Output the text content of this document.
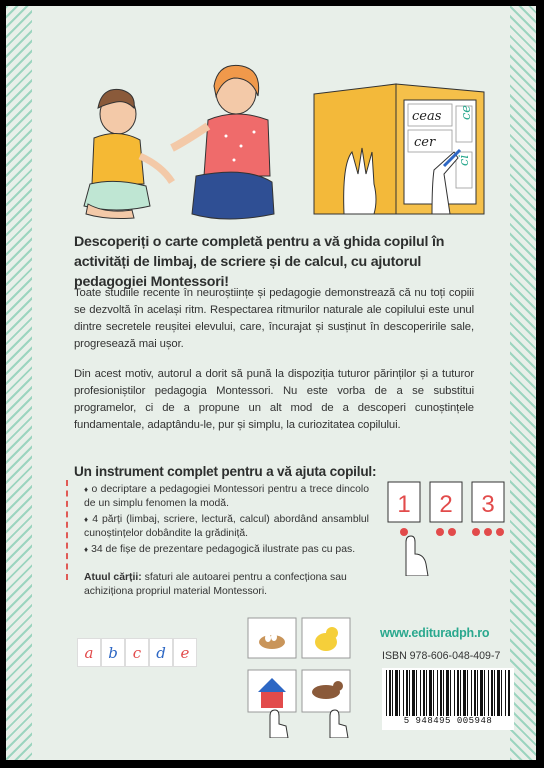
ceas
cer
ce
ci
Descoperiți o carte completă pentru a vă ghida copilul în activități de limbaj, de scriere și de calcul, cu ajutorul pedagogiei Montessori!
Toate studiile recente în neuroștiințe și pedagogie demonstrează că nu toți copiii se dezvoltă în același ritm. Respectarea ritmurilor naturale ale copilului este unul dintre secretele reușitei elevului, care, încurajat și susținut în descoperirile sale, progresează mai ușor.
Din acest motiv, autorul a dorit să pună la dispoziția tuturor părinților și a tuturor profesioniștilor pedagogia Montessori. Nu este vorba de a se substitui programelor, ci de a propune un alt mod de a descoperi cunoștințele fundamentale, adaptându-le, pur și simplu, la curiozitatea copilului.
Un instrument complet pentru a vă ajuta copilul:
♦ o decriptare a pedagogiei Montessori pentru a trece dincolo de un simplu fenomen la modă.
♦ 4 părți (limbaj, scriere, lectură, calcul) abordând ansamblul cunoștințelor dobândite la grădiniță.
♦ 34 de fișe de prezentare pedagogică ilustrate pas cu pas.
Atuul cărții: sfaturi ale autoarei pentru a confecționa sau achiziționa propriul material Montessori.
1 2 3
a b	c d e
www.edituradph.ro
ISBN 978-606-048-409-7
5 948495 005948
